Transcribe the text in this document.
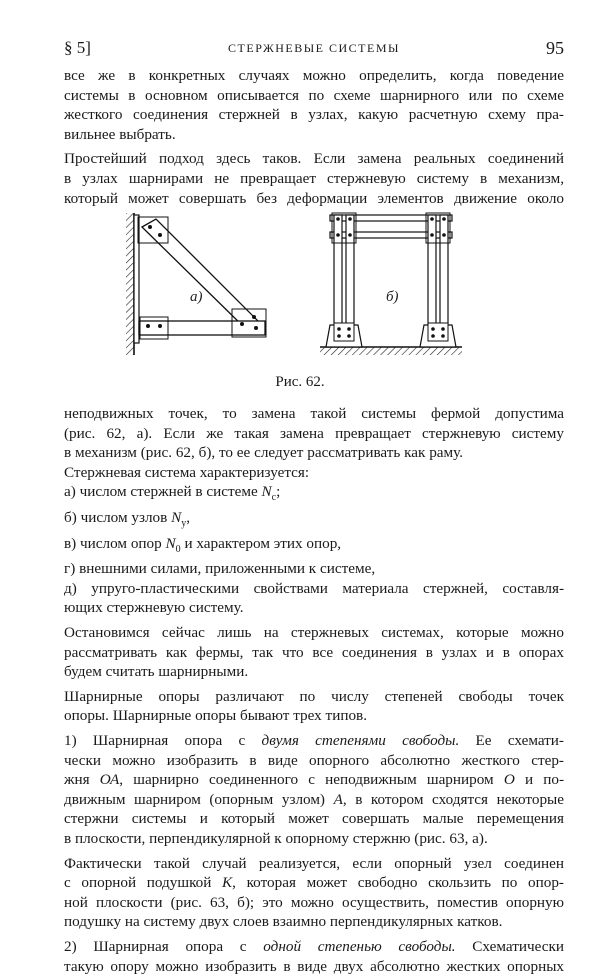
§ 5]	СТЕРЖНЕВЫЕ СИСТЕМЫ	95

все же в конкретных случаях можно определить, когда поведение

системы в основном описывается по схеме шарнирного или по схеме

жесткого соединения стержней в узлах, какую расчетную схему пра-

вильнее выбрать.

Простейший подход здесь таков. Если замена реальных соединений

в узлах шарнирами не превращает стержневую систему в механизм,

который может совершать без деформации элементов движение около

а)	б)
Рис. 62.

неподвижных точек, то замена такой системы фермой допустима

(рис. 62, а). Если же такая замена превращает стержневую систему

в механизм (рис. 62, б), то ее следует рассматривать как раму.

Стержневая система характеризуется:

а) числом стержней в системе $N_с$;

б) числом узлов $N_у$,

в) числом опор $N_0$ и характером этих опор,

г) внешними силами, приложенными к системе,

д) упруго-пластическими свойствами материала стержней, составля-

ющих стержневую систему.

Остановимся сейчас лишь на стержневых системах, которые можно

рассматривать как фермы, так что все соединения в узлах и в опорах

будем считать шарнирными.

Шарнирные опоры различают по числу степеней свободы точек

опоры. Шарнирные опоры бывают трех типов.

1) Шарнирная опора с двумя степенями свободы. Ее схемати-

чески можно изобразить в виде опорного абсолютно жесткого стер-

жня ОА, шарнирно соединенного с неподвижным шарниром О и по-

движным шарниром (опорным узлом) А, в котором сходятся некоторые

стержни системы и который может совершать малые перемещения

в плоскости, перпендикулярной к опорному стержню (рис. 63, а).

Фактически такой случай реализуется, если опорный узел соединен

с опорной подушкой К, которая может свободно скользить по опор-

ной плоскости (рис. 63, б); это можно осуществить, поместив опорную

подушку на систему двух слоев взаимно перпендикулярных катков.

2) Шарнирная опора с одной степенью свободы. Схематически

такую опору можно изобразить в виде двух абсолютно жестких опорных
